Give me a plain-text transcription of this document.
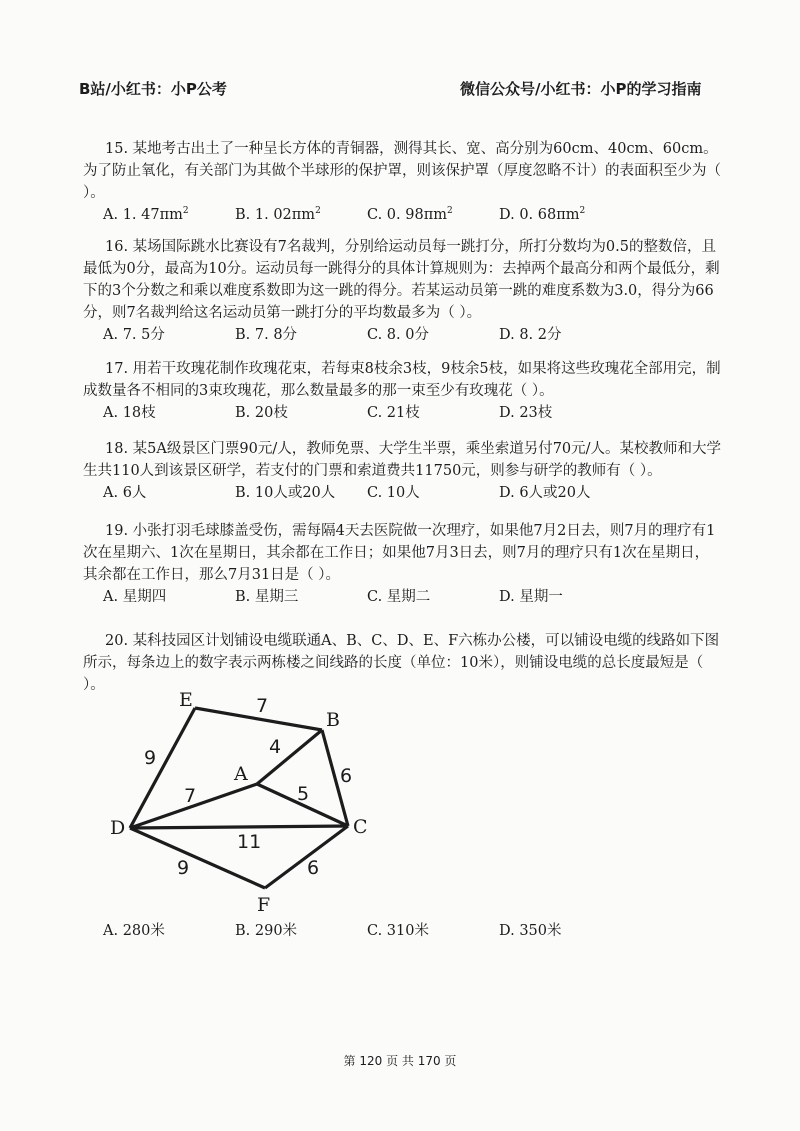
B站/小红书：小P公考	微信公众号/小红书：小P的学习指南

15. 某地考古出土了一种呈长方体的青铜器，测得其长、宽、高分别为60cm、40cm、60cm。为了防止氧化，有关部门为其做个半球形的保护罩，则该保护罩（厚度忽略不计）的表面积至少为（ ）。

A. 1. $47\pi m^2$	B. 1. $02\pi m^2$	C. 0. $98\pi m^2$	D. 0. $68\pi m^2$

16. 某场国际跳水比赛设有7名裁判，分别给运动员每一跳打分，所打分数均为0.5的整数倍，且最低为0分，最高为10分。运动员每一跳得分的具体计算规则为：去掉两个最高分和两个最低分，剩下的3个分数之和乘以难度系数即为这一跳的得分。若某运动员第一跳的难度系数为3.0，得分为66分，则7名裁判给这名运动员第一跳打分的平均数最多为（ ）。

A. 7. 5分	B. 7. 8分	C. 8. 0分	D. 8. 2分

17. 用若干玫瑰花制作玫瑰花束，若每束8枝余3枝，9枝余5枝，如果将这些玫瑰花全部用完，制成数量各不相同的3束玫瑰花，那么数量最多的那一束至少有玫瑰花（ ）。

A. 18枝	B. 20枝	C. 21枝	D. 23枝

18. 某5A级景区门票90元/人，教师免票、大学生半票，乘坐索道另付70元/人。某校教师和大学生共110人到该景区研学，若支付的门票和索道费共11750元，则参与研学的教师有（ ）。

A. 6人	B. 10人或20人 C. 10人	D. 6人或20人

19. 小张打羽毛球膝盖受伤，需每隔4天去医院做一次理疗，如果他7月2日去，则7月的理疗有1次在星期六、1次在星期日，其余都在工作日；如果他7月3日去，则7月的理疗只有1次在星期日，其余都在工作日，那么7月31日是（ ）。

A. 星期四	B. 星期三	C. 星期二	D. 星期一

20. 某科技园区计划铺设电缆联通A、B、C、D、E、F六栋办公楼，可以铺设电缆的线路如下图所示，每条边上的数字表示两栋楼之间线路的长度（单位：10米），则铺设电缆的总长度最短是（ ）。

E
B
A
D	C
F
7
9	4
6
7	5
11
9	6
A. 280米	B. 290米	C. 310米	D. 350米
第 120 页 共 170 页
